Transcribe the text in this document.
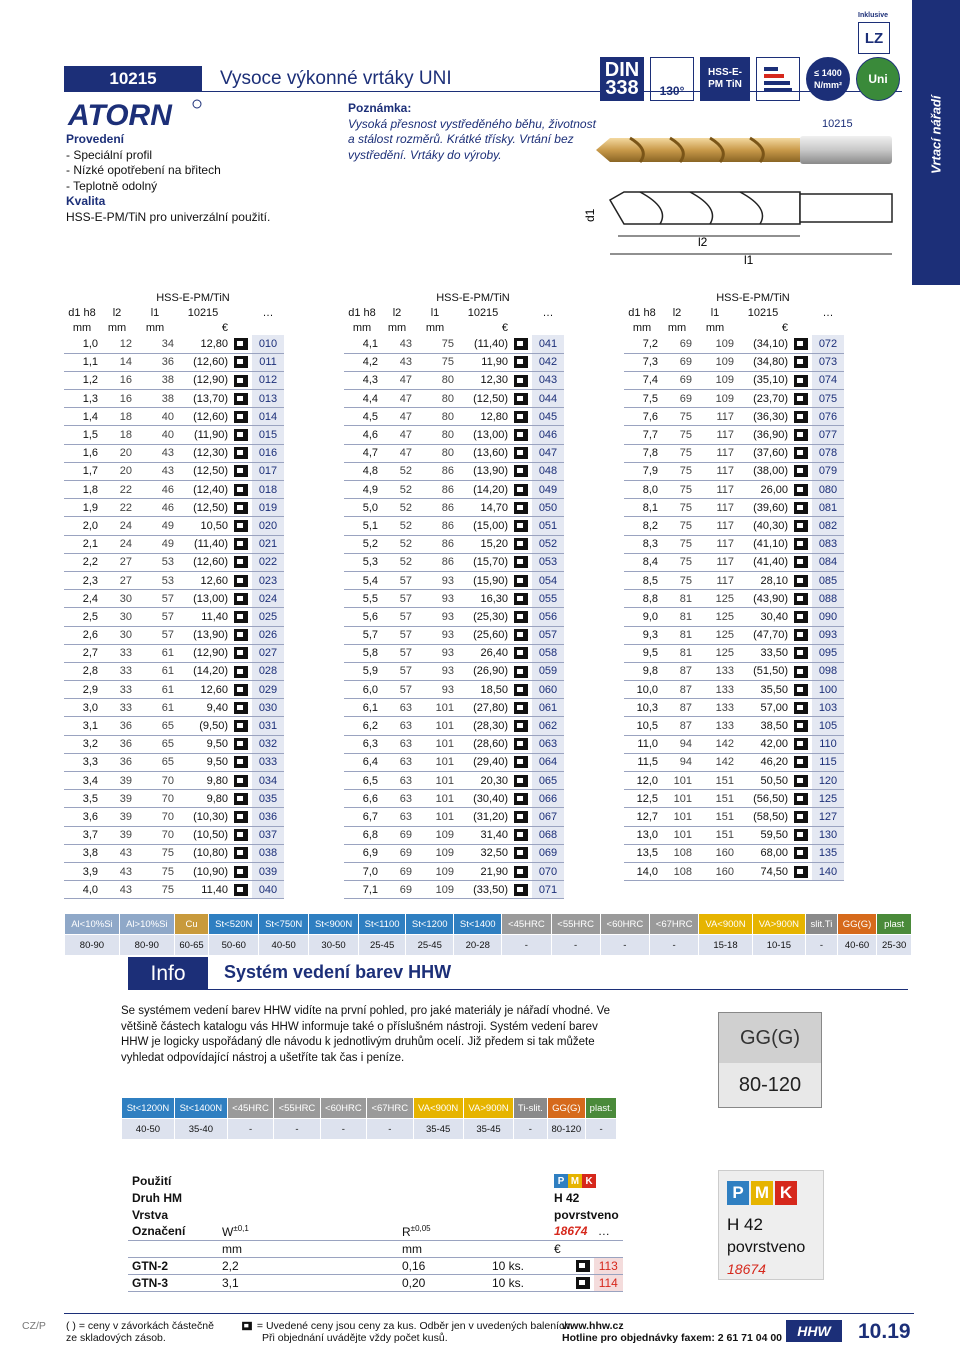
10215	Vysoce výkonné vrtáky UNI
ATORN
Provedení
- Speciální profil
- Nízké opotřebení na břitech
- Teplotně odolný
Kvalita
HSS-E-PM/TiN pro univerzální použití.
Poznámka:
Vysoká přesnost vystředěného běhu, životnost a stálost rozměrů. Krátké třísky. Vrtání bez vystředění. Vrtáky do výroby.
DIN 338	130°
HSS-E-PM TiN
≤ 1400 N/mm²	Uni
Inklusive
LZ
d1
l2
l1
10215	Vrtací nářadí
		HSS-E-PM/TiN				
d1 h8	l2	l1	10215		…	
mm	mm	mm	€			
1,0	12	34	12,80		010	
1,1	14	36	(12,60)		011	
1,2	16	38	(12,90)		012	
1,3	16	38	(13,70)		013	
1,4	18	40	(12,60)		014	
1,5	18	40	(11,90)		015	
1,6	20	43	(12,30)		016	
1,7	20	43	(12,50)		017	
1,8	22	46	(12,40)		018	
1,9	22	46	(12,50)		019	
2,0	24	49	10,50		020	
2,1	24	49	(11,40)		021	
2,2	27	53	(12,60)		022	
2,3	27	53	12,60		023	
2,4	30	57	(13,00)		024	
2,5	30	57	11,40		025	
2,6	30	57	(13,90)		026	
2,7	33	61	(12,90)		027	
2,8	33	61	(14,20)		028	
2,9	33	61	12,60		029	
3,0	33	61	9,40		030	
3,1	36	65	(9,50)		031	
3,2	36	65	9,50		032	
3,3	36	65	9,50		033	
3,4	39	70	9,80		034	
3,5	39	70	9,80		035	
3,6	39	70	(10,30)		036	
3,7	39	70	(10,50)		037	
3,8	43	75	(10,80)		038	
3,9	43	75	(10,90)		039	
4,0	43	75	11,40		040	
		HSS-E-PM/TiN				
d1 h8	l2	l1	10215		…	
mm	mm	mm	€			
4,1	43	75	(11,40)		041	
4,2	43	75	11,90		042	
4,3	47	80	12,30		043	
4,4	47	80	(12,50)		044	
4,5	47	80	12,80		045	
4,6	47	80	(13,00)		046	
4,7	47	80	(13,60)		047	
4,8	52	86	(13,90)		048	
4,9	52	86	(14,20)		049	
5,0	52	86	14,70		050	
5,1	52	86	(15,00)		051	
5,2	52	86	15,20		052	
5,3	52	86	(15,70)		053	
5,4	57	93	(15,90)		054	
5,5	57	93	16,30		055	
5,6	57	93	(25,30)		056	
5,7	57	93	(25,60)		057	
5,8	57	93	26,40		058	
5,9	57	93	(26,90)		059	
6,0	57	93	18,50		060	
6,1	63	101	(27,80)		061	
6,2	63	101	(28,30)		062	
6,3	63	101	(28,60)		063	
6,4	63	101	(29,40)		064	
6,5	63	101	20,30		065	
6,6	63	101	(30,40)		066	
6,7	63	101	(31,20)		067	
6,8	69	109	31,40		068	
6,9	69	109	32,50		069	
7,0	69	109	21,90		070	
7,1	69	109	(33,50)		071	
		HSS-E-PM/TiN				
d1 h8	l2	l1	10215		…	
mm	mm	mm	€			
7,2	69	109	(34,10)		072	
7,3	69	109	(34,80)		073	
7,4	69	109	(35,10)		074	
7,5	69	109	(23,70)		075	
7,6	75	117	(36,30)		076	
7,7	75	117	(36,90)		077	
7,8	75	117	(37,60)		078	
7,9	75	117	(38,00)		079	
8,0	75	117	26,00		080	
8,1	75	117	(39,60)		081	
8,2	75	117	(40,30)		082	
8,3	75	117	(41,10)		083	
8,4	75	117	(41,40)		084	
8,5	75	117	28,10		085	
8,8	81	125	(43,90)		088	
9,0	81	125	30,40		090	
9,3	81	125	(47,70)		093	
9,5	81	125	33,50		095	
9,8	87	133	(51,50)		098	
10,0	87	133	35,50		100	
10,3	87	133	57,00		103	
10,5	87	133	38,50		105	
11,0	94	142	42,00		110	
11,5	94	142	46,20		115	
12,0	101	151	50,50		120	
12,5	101	151	(56,50)		125	
12,7	101	151	(58,50)		127	
13,0	101	151	59,50		130	
13,5	108	160	68,00		135	
14,0	108	160	74,50		140	
Al<10%Si	Al>10%Si	Cu	St<520N	St<750N	St<900N	St<1100	St<1200	St<1400	<45HRC	<55HRC	<60HRC	<67HRC	VA<900N	VA>900N	slit.Ti	GG(G)	plast
80-90	80-90	60-65	50-60	40-50	30-50	25-45	25-45	20-28	-	-	-	-	15-18	10-15	-	40-60	25-30
Info	Systém vedení barev HHW
Se systémem vedení barev HHW vidíte na první pohled, pro jaké materiály je nářadí vhodné. Ve většině částech katalogu vás HHW informuje také o příslušném nástroji. Systém vedení barev HHW je logicky uspořádaný dle návodu k jednotlivým druhům ocelí. Již předem si tak můžete vyhledat odpovídající nástroj a ušetříte tak čas i peníze.
GG(G)
80-120
St<1200N	St<1400N	<45HRC	<55HRC	<60HRC	<67HRC	VA<900N	VA>900N	Ti-slit.	GG(G)	plast.
40-50	35-40	-	-	-	-	35-45	35-45	-	80-120	-
Použití					P M K	
Druh HM					H 42	
Vrstva					povrstveno	
Označení	$W^{\pm 0,1}$		$R^{\pm 0,05}$		18674	…
	mm		mm		€	
GTN-2	2,2		0,16	10 ks.		113
GTN-3	3,1		0,20	10 ks.		114
P M K
H 42
povrstveno
18674
CZ/P ( ) = ceny v závorkách částečně
ze skladových zásob.
= Uvedené ceny jsou ceny za kus. Odběr jen v uvedených baleních.
Při objednání uvádějte vždy počet kusů.
www.hhw.cz
Hotline pro objednávky faxem: 2 61 71 04 00	HHW	10.19
